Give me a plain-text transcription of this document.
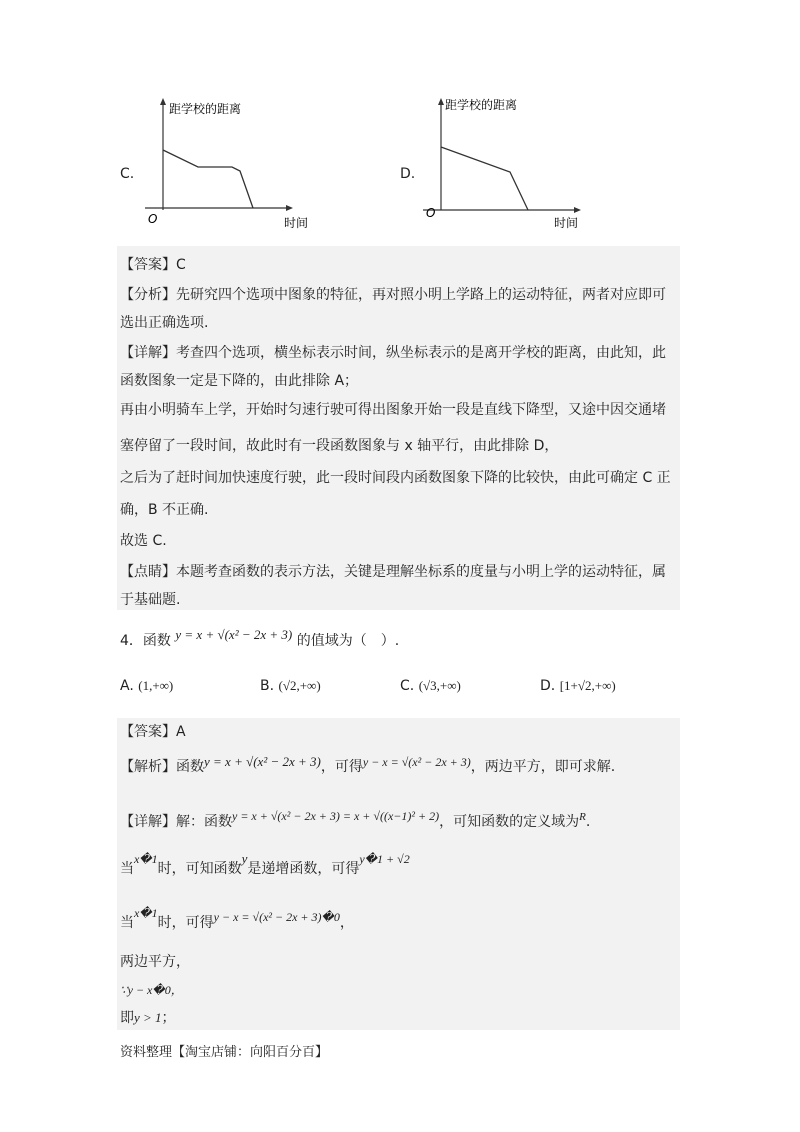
C.
距学校的距离
时间
O
D.
距学校的距离
时间
O
【答案】C
【分析】先研究四个选项中图象的特征，再对照小明上学路上的运动特征，两者对应即可
选出正确选项.
【详解】考查四个选项，横坐标表示时间，纵坐标表示的是离开学校的距离，由此知，此
函数图象一定是下降的，由此排除 A；
再由小明骑车上学，开始时匀速行驶可得出图象开始一段是直线下降型，又途中因交通堵
塞停留了一段时间，故此时有一段函数图象与 x 轴平行，由此排除 D，
之后为了赶时间加快速度行驶，此一段时间段内函数图象下降的比较快，由此可确定 C 正
确，B 不正确.
故选 C.
【点睛】本题考查函数的表示方法，关键是理解坐标系的度量与小明上学的运动特征，属
于基础题.
4．函数 y = x + √(x² − 2x + 3) 的值域为（　）.
A. (1,+∞)	B. (√2,+∞)	C. (√3,+∞)	D. [1+√2,+∞)
【答案】A
【解析】函数y = x + √(x² − 2x + 3)，可得y − x = √(x² − 2x + 3)，两边平方，即可求解.
【详解】解：函数y = x + √(x² − 2x + 3) = x + √((x−1)² + 2)，可知函数的定义域为$^R$.
当x�1时，可知函数y是递增函数，可得y�1 + √2
当x�1时，可得y − x = √(x² − 2x + 3)�0，
两边平方，
∵y − x�0，
即y > 1；
资料整理【淘宝店铺：向阳百分百】
